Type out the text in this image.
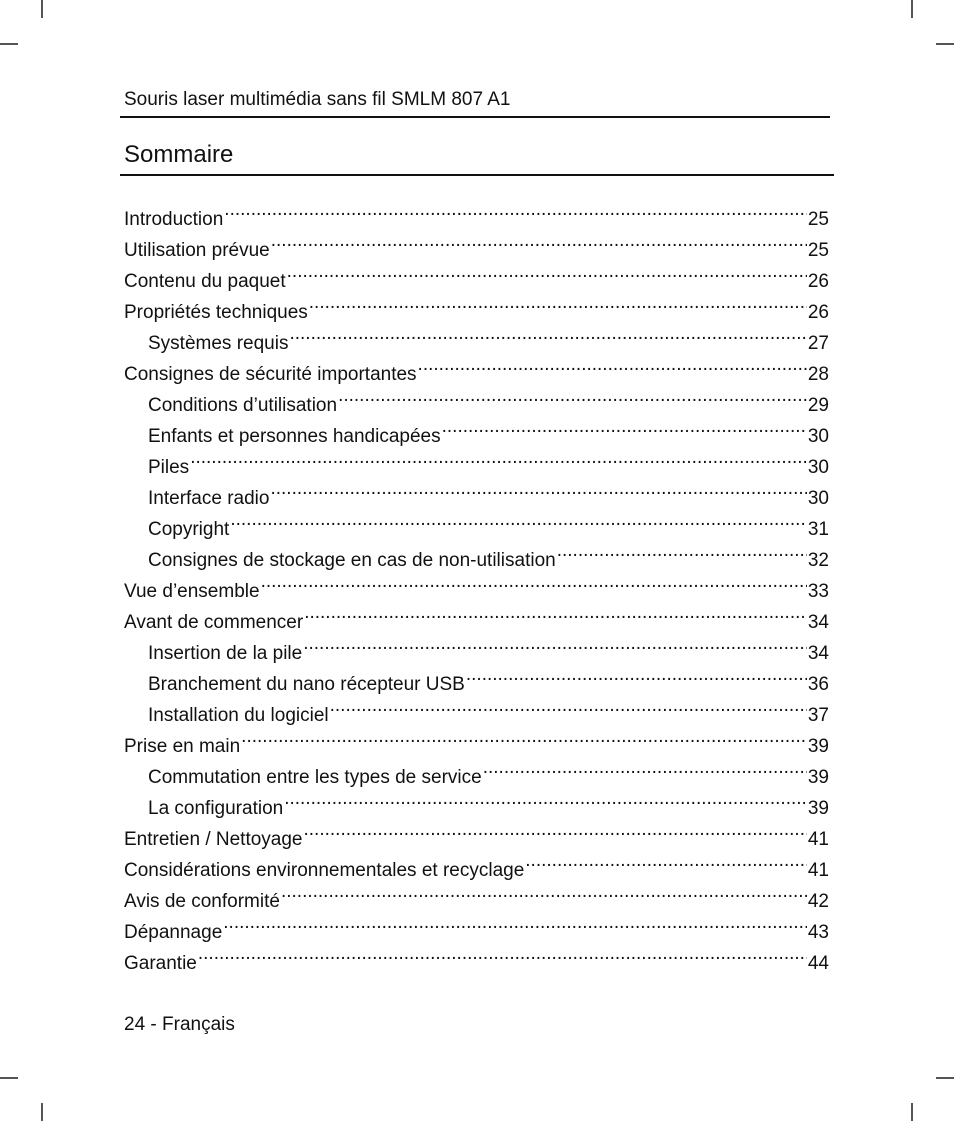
Souris laser multimédia sans fil SMLM 807 A1
Sommaire
Introduction .....	25
Utilisation prévue .....	25
Contenu du paquet .....	26
Propriétés techniques .....	26
Systèmes requis .....	27
Consignes de sécurité importantes .....	28
Conditions d’utilisation .....	29
Enfants et personnes handicapées .....	30
Piles .....	30
Interface radio .....	30
Copyright .....	31
Consignes de stockage en cas de non-utilisation .....	32
Vue d’ensemble .....	33
Avant de commencer .....	34
Insertion de la pile .....	34
Branchement du nano récepteur USB .....	36
Installation du logiciel .....	37
Prise en main .....	39
Commutation entre les types de service .....	39
La configuration .....	39
Entretien / Nettoyage .....	41
Considérations environnementales et recyclage .....	41
Avis de conformité .....	42
Dépannage .....	43
Garantie .....	44
24 - Français
